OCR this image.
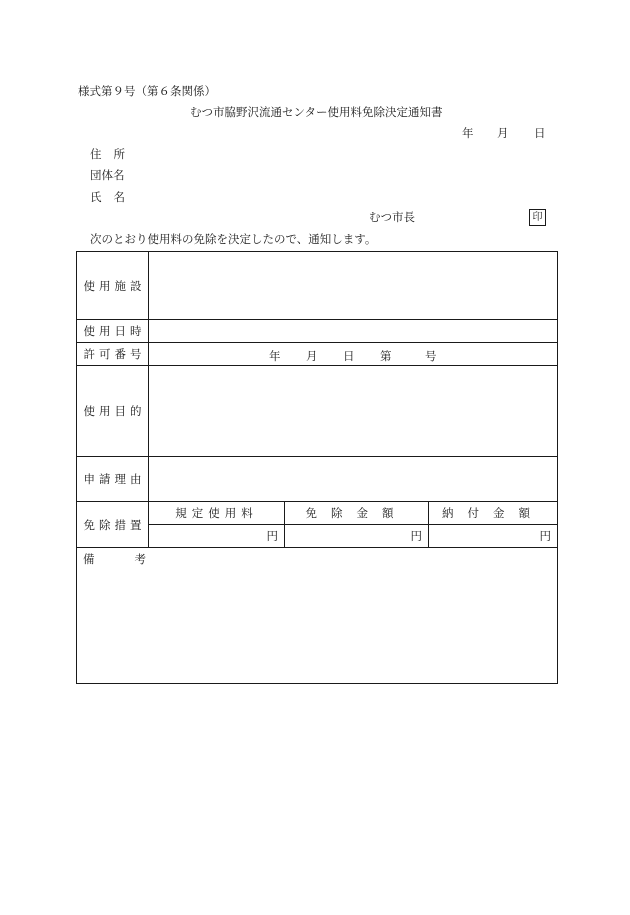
様式第９号（第６条関係）
むつ市脇野沢流通センター使用料免除決定通知書
年 月 日
住所
団体名
氏名
むつ市長	印
次のとおり使用料の免除を決定したので、通知します。
使用施設			
使用日時			
許可番号	年 月 日 第 号		

使用目的			
申請理由			
免除措置	規定使用料	免除金額	納付金額
	円	円	円
備 考			
